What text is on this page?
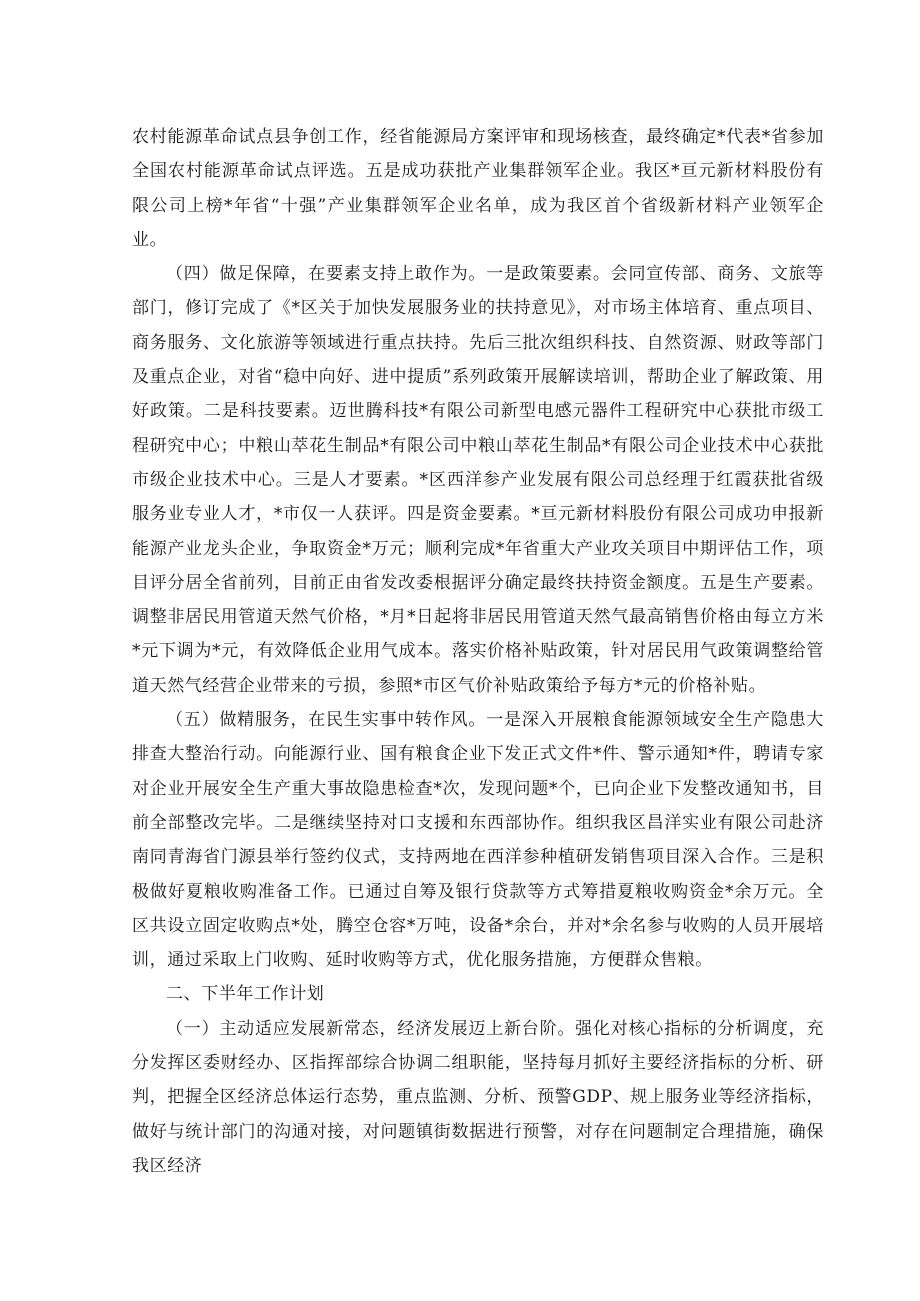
农村能源革命试点县争创工作，经省能源局方案评审和现场核查，最终确定*代表*省参加全国农村能源革命试点评选。五是成功获批产业集群领军企业。我区*亘元新材料股份有限公司上榜*年省“十强”产业集群领军企业名单，成为我区首个省级新材料产业领军企业。

（四）做足保障，在要素支持上敢作为。一是政策要素。会同宣传部、商务、文旅等部门，修订完成了《*区关于加快发展服务业的扶持意见》，对市场主体培育、重点项目、商务服务、文化旅游等领域进行重点扶持。先后三批次组织科技、自然资源、财政等部门及重点企业，对省“稳中向好、进中提质”系列政策开展解读培训，帮助企业了解政策、用好政策。二是科技要素。迈世腾科技*有限公司新型电感元器件工程研究中心获批市级工程研究中心；中粮山萃花生制品*有限公司中粮山萃花生制品*有限公司企业技术中心获批市级企业技术中心。三是人才要素。*区西洋参产业发展有限公司总经理于红霞获批省级服务业专业人才，*市仅一人获评。四是资金要素。*亘元新材料股份有限公司成功申报新能源产业龙头企业，争取资金*万元；顺利完成*年省重大产业攻关项目中期评估工作，项目评分居全省前列，目前正由省发改委根据评分确定最终扶持资金额度。五是生产要素。调整非居民用管道天然气价格，*月*日起将非居民用管道天然气最高销售价格由每立方米*元下调为*元，有效降低企业用气成本。落实价格补贴政策，针对居民用气政策调整给管道天然气经营企业带来的亏损，参照*市区气价补贴政策给予每方*元的价格补贴。

（五）做精服务，在民生实事中转作风。一是深入开展粮食能源领域安全生产隐患大排查大整治行动。向能源行业、国有粮食企业下发正式文件*件、警示通知*件，聘请专家对企业开展安全生产重大事故隐患检查*次，发现问题*个，已向企业下发整改通知书，目前全部整改完毕。二是继续坚持对口支援和东西部协作。组织我区昌洋实业有限公司赴济南同青海省门源县举行签约仪式，支持两地在西洋参种植研发销售项目深入合作。三是积极做好夏粮收购准备工作。已通过自筹及银行贷款等方式筹措夏粮收购资金*余万元。全区共设立固定收购点*处，腾空仓容*万吨，设备*余台，并对*余名参与收购的人员开展培训，通过采取上门收购、延时收购等方式，优化服务措施，方便群众售粮。

二、下半年工作计划

（一）主动适应发展新常态，经济发展迈上新台阶。强化对核心指标的分析调度，充分发挥区委财经办、区指挥部综合协调二组职能，坚持每月抓好主要经济指标的分析、研判，把握全区经济总体运行态势，重点监测、分析、预警GDP、规上服务业等经济指标，做好与统计部门的沟通对接，对问题镇街数据进行预警，对存在问题制定合理措施，确保我区经济
